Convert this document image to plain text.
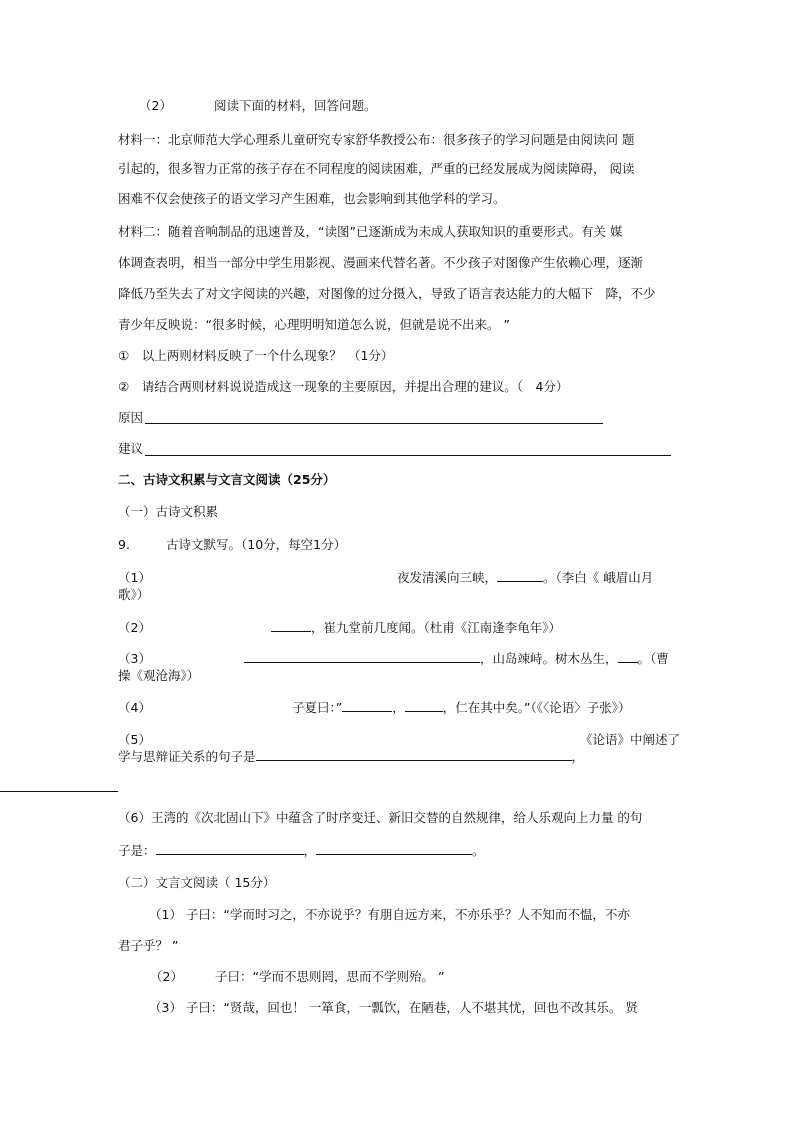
（2）	阅读下面的材料，回答问题。
材料一：北京师范大学心理系儿童研究专家舒华教授公布：很多孩子的学习问题是由阅读问 题
引起的，很多智力正常的孩子存在不同程度的阅读困难，严重的已经发展成为阅读障碍， 阅读
困难不仅会使孩子的语文学习产生困难，也会影响到其他学科的学习。
材料二：随着音响制品的迅速普及，“读图”已逐渐成为未成人获取知识的重要形式。有关 媒
体调查表明，相当一部分中学生用影视、漫画来代替名著。不少孩子对图像产生依赖心理，逐渐
降低乃至失去了对文字阅读的兴趣，对图像的过分摄入，导致了语言表达能力的大幅下　降，不少
青少年反映说：“很多时候，心理明明知道怎么说，但就是说不出来。 ”
①　以上两则材料反映了一个什么现象？　（1分）
②　请结合两则材料说说造成这一现象的主要原因，并提出合理的建议。（　4分）
原因
建议
二、古诗文积累与文言文阅读（25分）
（一）古诗文积累
9.	古诗文默写。（10分，每空1分）
（1）	夜发清溪向三峡，	。（李白《 峨眉山月
歌》）
（2）	，崔九堂前几度闻。（杜甫《江南逢李龟年》）
（3）	，山岛竦峙。树木丛生， 。（曹
操《观沧海》）
（4）	子夏曰：”	，	，仁在其中矣。”（《〈论语〉子张》）
（5）	《论语》中阐述了
学与思辩证关系的句子是	，
（6）王湾的《次北固山下》中蕴含了时序变迁、新旧交替的自然规律，给人乐观向上力量 的句
子是：	，	。
（二）文言文阅读（ 15分）
（1） 子曰：“学而时习之，不亦说乎？有朋自远方来，不亦乐乎？人不知而不愠，不亦
君子乎？ ”
（2）	子曰：“学而不思则罔，思而不学则殆。 ”
（3） 子曰：“贤哉，回也！ 一箪食，一瓢饮，在陋巷，人不堪其忧，回也不改其乐。 贤
